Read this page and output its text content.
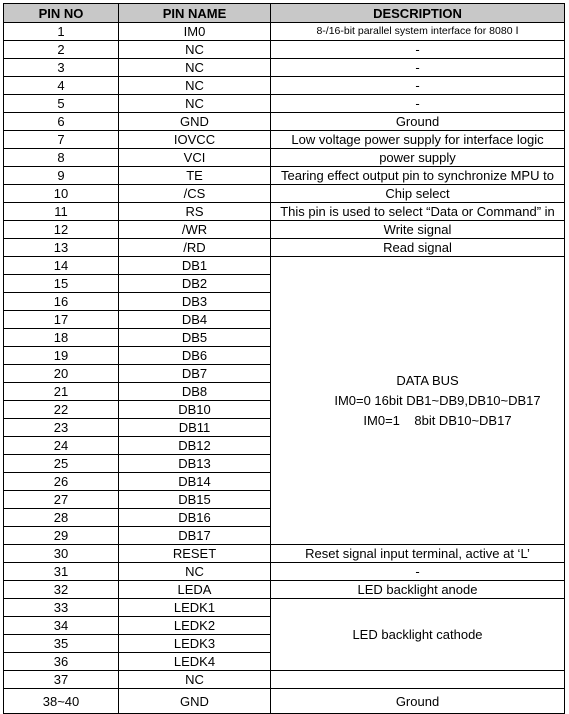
PIN NO	PIN NAME	DESCRIPTION
1	IM0	8-/16-bit parallel system interface for 8080 Ⅰ
2	NC	-
3	NC	-
4	NC	-
5	NC	-
6	GND	Ground
7	IOVCC	Low voltage power supply for interface logic
8	VCI	power supply
9	TE	Tearing effect output pin to synchronize MPU to
10	/CS	Chip select
11	RS	This pin is used to select “Data or Command” in
12	/WR	Write signal
13	/RD	Read signal
14	DB1	DATA BUS
IM0=0 16bit DB1~DB9,DB10~DB17
IM0=1    8bit DB10~DB17

15	DB2	
16	DB3	
17	DB4	
18	DB5	
19	DB6	
20	DB7	
21	DB8	
22	DB10	
23	DB11	
24	DB12	
25	DB13	
26	DB14	
27	DB15	
28	DB16	
29	DB17	
30	RESET	Reset signal input terminal, active at ‘L’
31	NC	-
32	LEDA	LED backlight anode
33	LEDK1	LED backlight cathode
34	LEDK2	
35	LEDK3	
36	LEDK4	
37	NC	
38~40	GND	Ground
